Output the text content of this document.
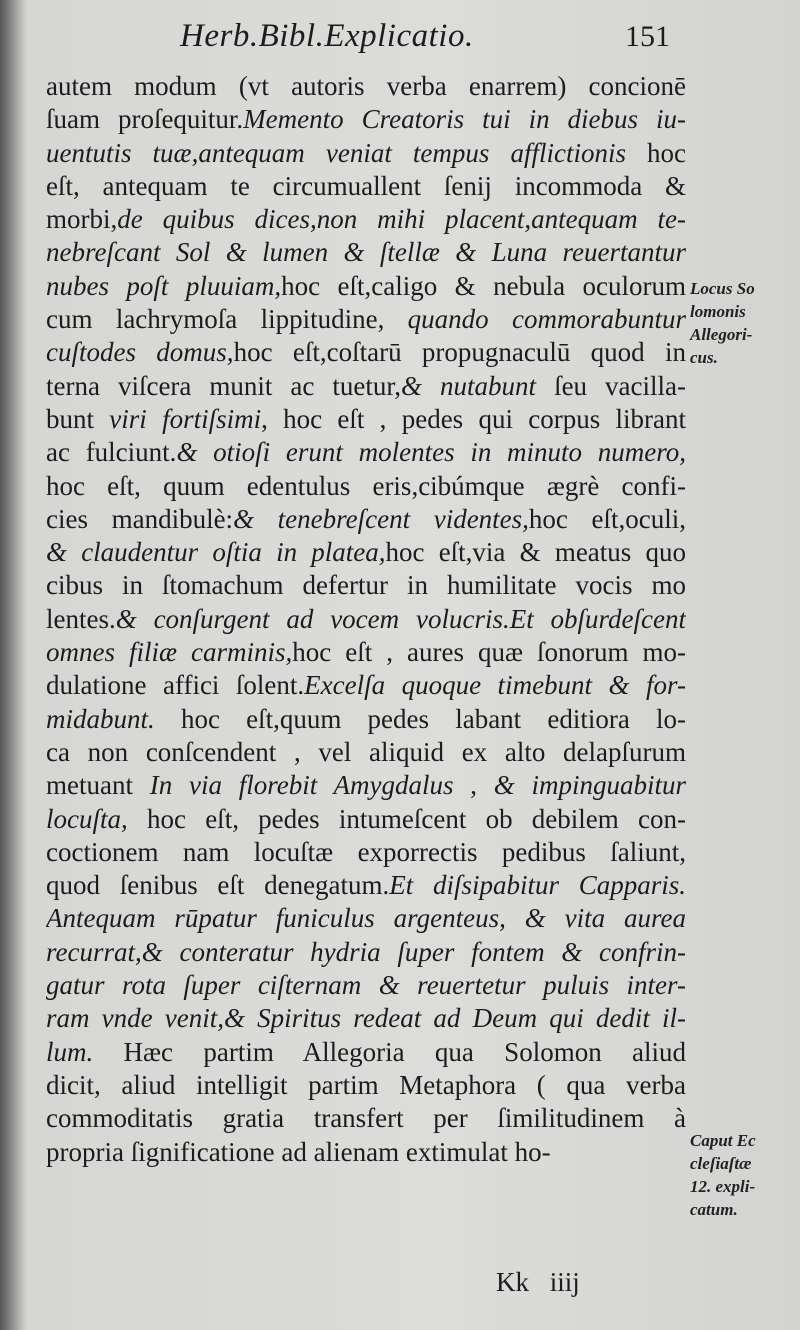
Herb.Bibl.Explicatio.	151
autem modum (vt autoris verba enarrem) concionē
ſuam proſequitur.Memento Creatoris tui in diebus iu-
uentutis tuæ,antequam veniat tempus afflictionis hoc
eſt, antequam te circumuallent ſenij incommoda &
morbi,de quibus dices,non mihi placent,antequam te-
nebreſcant Sol & lumen & ſtellæ & Luna reuertantur
nubes poſt pluuiam,hoc eſt,caligo & nebula oculorum
cum lachrymoſa lippitudine, quando commorabuntur
cuſtodes domus,hoc eſt,coſtarū propugnaculū quod in
terna viſcera munit ac tuetur,& nutabunt ſeu vacilla-
bunt viri fortiſsimi, hoc eſt , pedes qui corpus librant
ac fulciunt.& otioſi erunt molentes in minuto numero,
hoc eſt, quum edentulus eris,cibúmque ægrè confi-
cies mandibulè:& tenebreſcent videntes,hoc eſt,oculi,
& claudentur oſtia in platea,hoc eſt,via & meatus quo
cibus in ſtomachum defertur in humilitate vocis mo
lentes.& conſurgent ad vocem volucris.Et obſurdeſcent
omnes filiæ carminis,hoc eſt , aures quæ ſonorum mo-
dulatione affici ſolent.Excelſa quoque timebunt & for-
midabunt. hoc eſt,quum pedes labant editiora lo-
ca non conſcendent , vel aliquid ex alto delapſurum
metuant In via florebit Amygdalus , & impinguabitur
locuſta, hoc eſt, pedes intumeſcent ob debilem con-
coctionem nam locuſtæ exporrectis pedibus ſaliunt,
quod ſenibus eſt denegatum.Et diſsipabitur Capparis.
Antequam rūpatur funiculus argenteus, & vita aurea
recurrat,& conteratur hydria ſuper fontem & confrin-
gatur rota ſuper ciſternam & reuertetur puluis inter-
ram vnde venit,& Spiritus redeat ad Deum qui dedit il-
lum. Hæc partim Allegoria qua Solomon aliud
dicit, aliud intelligit partim Metaphora ( qua verba
commoditatis gratia transfert per ſimilitudinem à
propria ſignificatione ad alienam extimulat ho-
Locus So
lomonis
Allegori-
cus.
Caput Ec
cleſiaſtæ
12. expli-
catum.
Kk iiij
